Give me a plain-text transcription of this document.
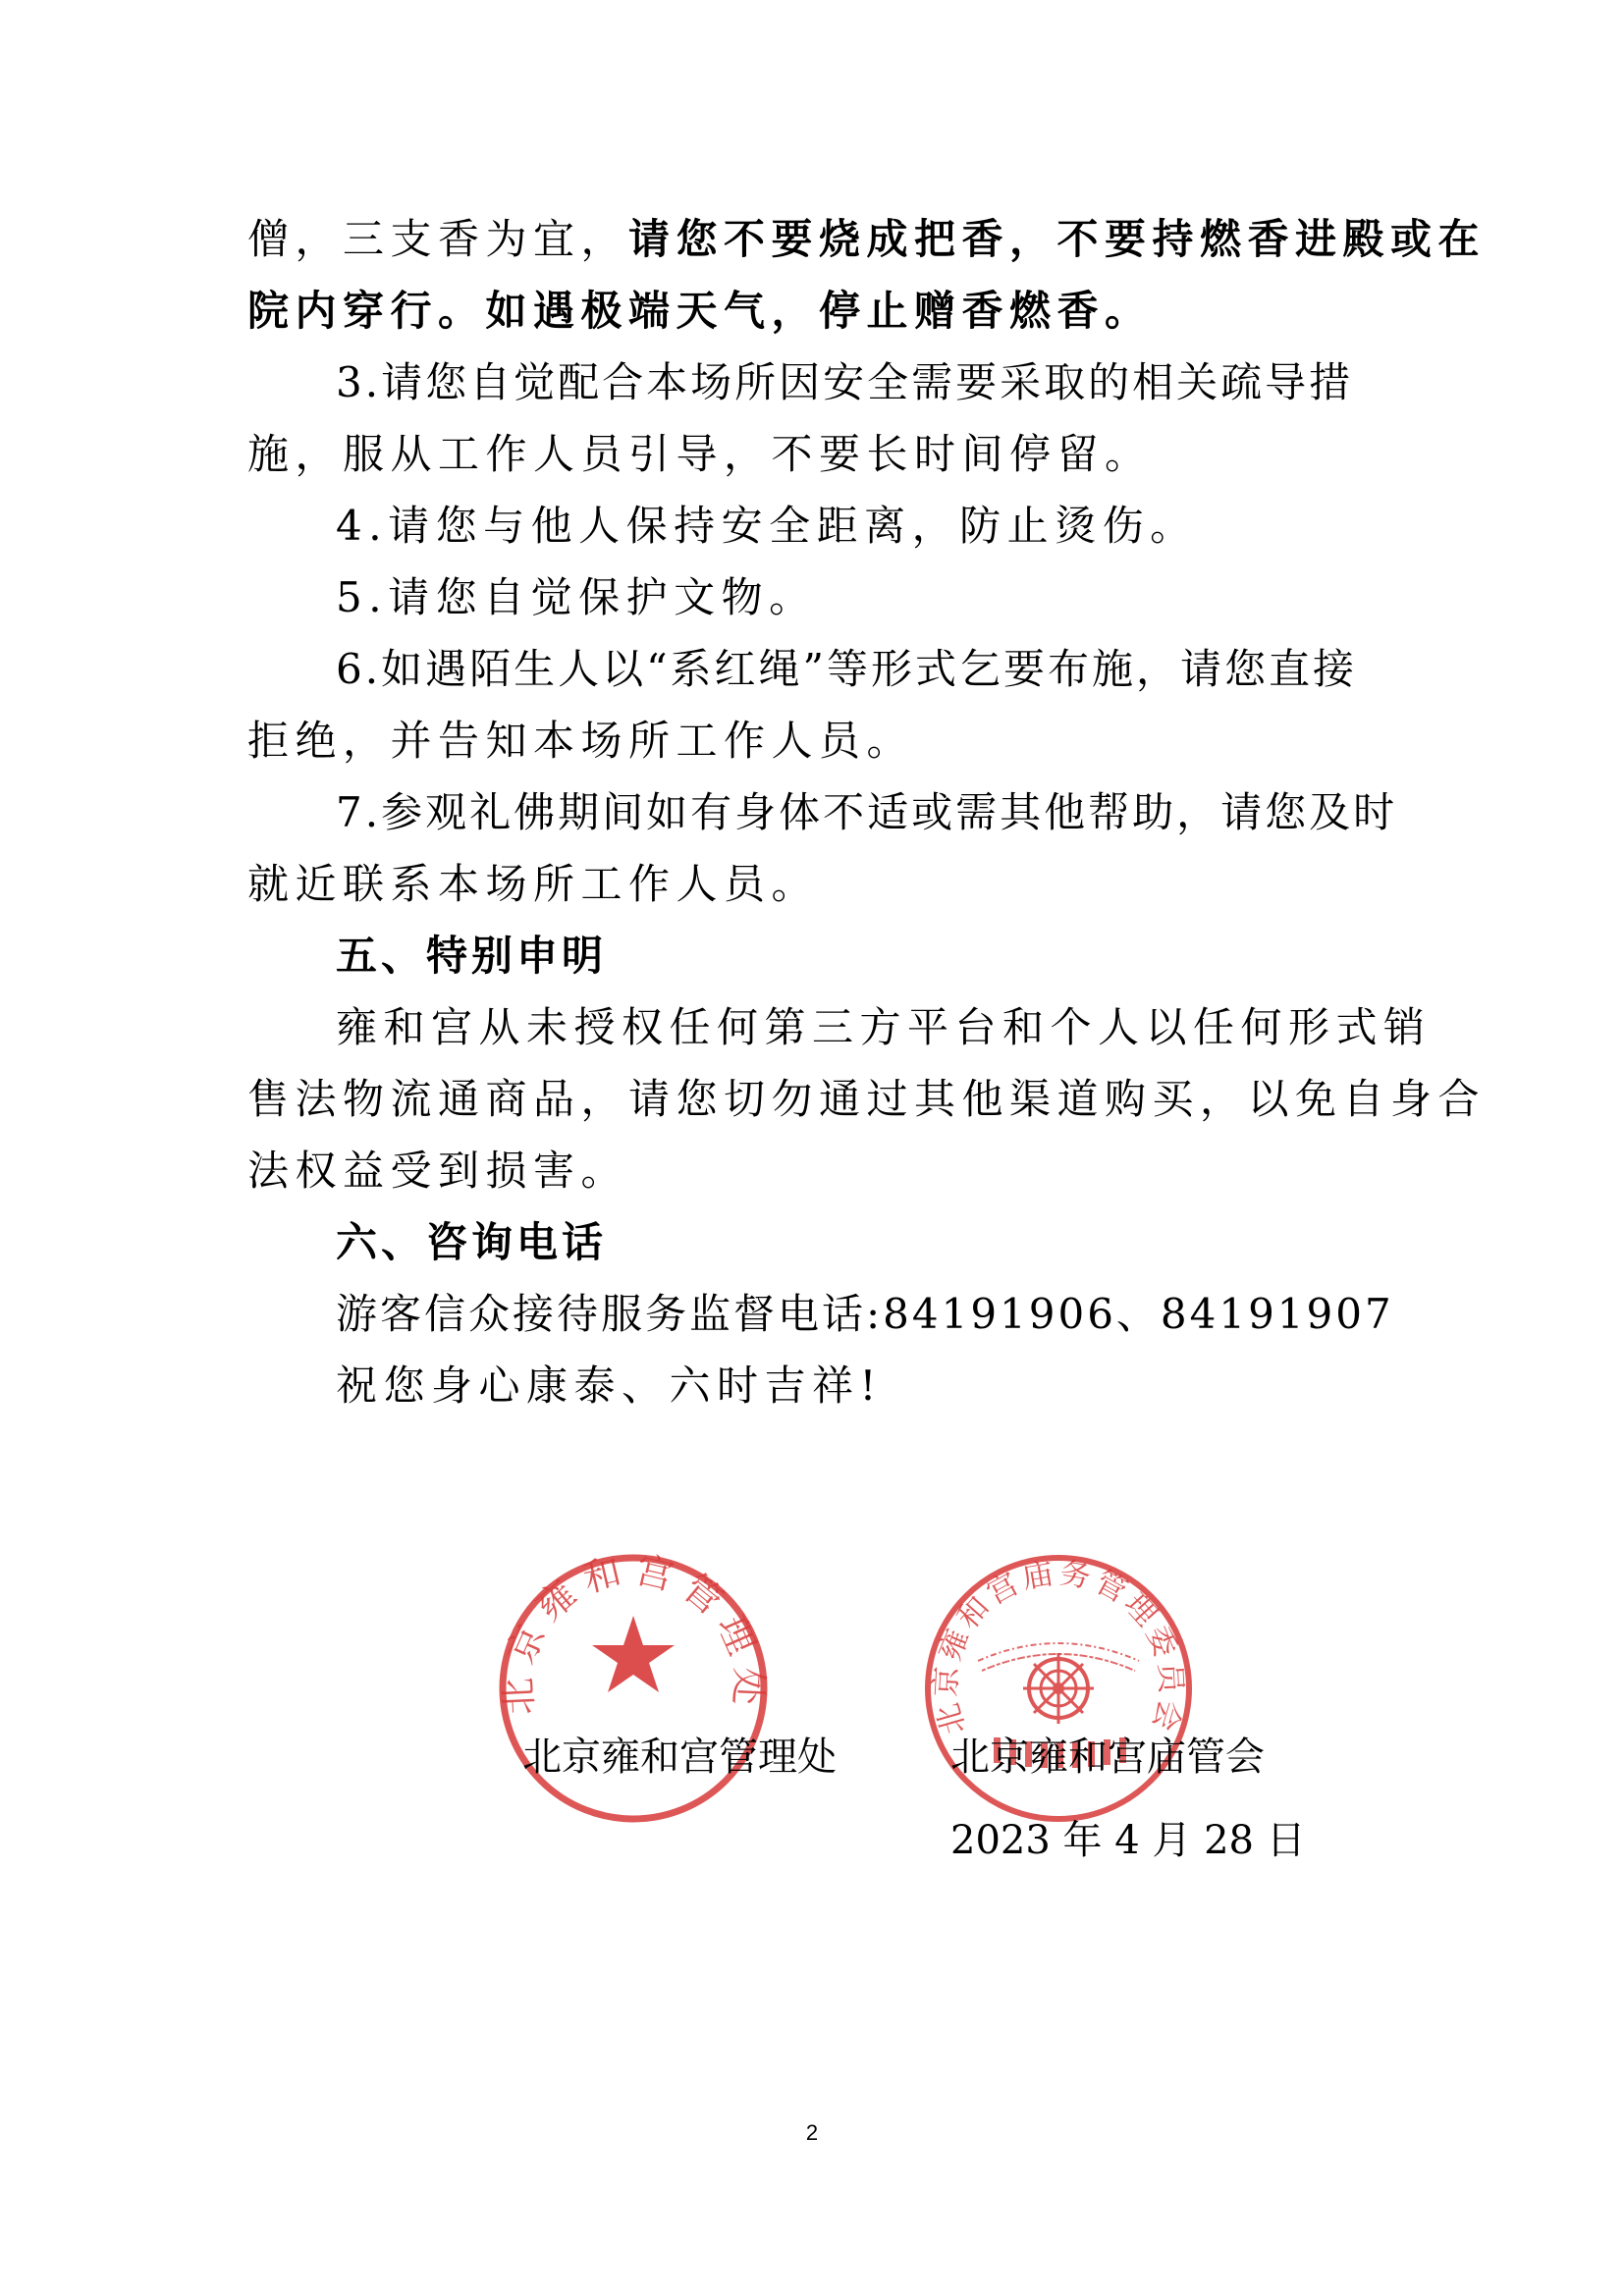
僧，三支香为宜，请您不要烧成把香，不要持燃香进殿或在
院内穿行。如遇极端天气，停止赠香燃香。
3.请您自觉配合本场所因安全需要采取的相关疏导措
施，服从工作人员引导，不要长时间停留。
4.请您与他人保持安全距离，防止烫伤。
5.请您自觉保护文物。
6.如遇陌生人以“系红绳”等形式乞要布施，请您直接
拒绝，并告知本场所工作人员。
7.参观礼佛期间如有身体不适或需其他帮助，请您及时
就近联系本场所工作人员。
五、特别申明
雍和宫从未授权任何第三方平台和个人以任何形式销
售法物流通商品，请您切勿通过其他渠道购买，以免自身合
法权益受到损害。
六、咨询电话
游客信众接待服务监督电话:84191906、84191907
祝您身心康泰、六时吉祥!
北京雍和宫管理处
北京雍和宫庙务管理委员会
北京雍和宫管理处	北京雍和宫庙管会
2023 年 4 月 28 日
2
